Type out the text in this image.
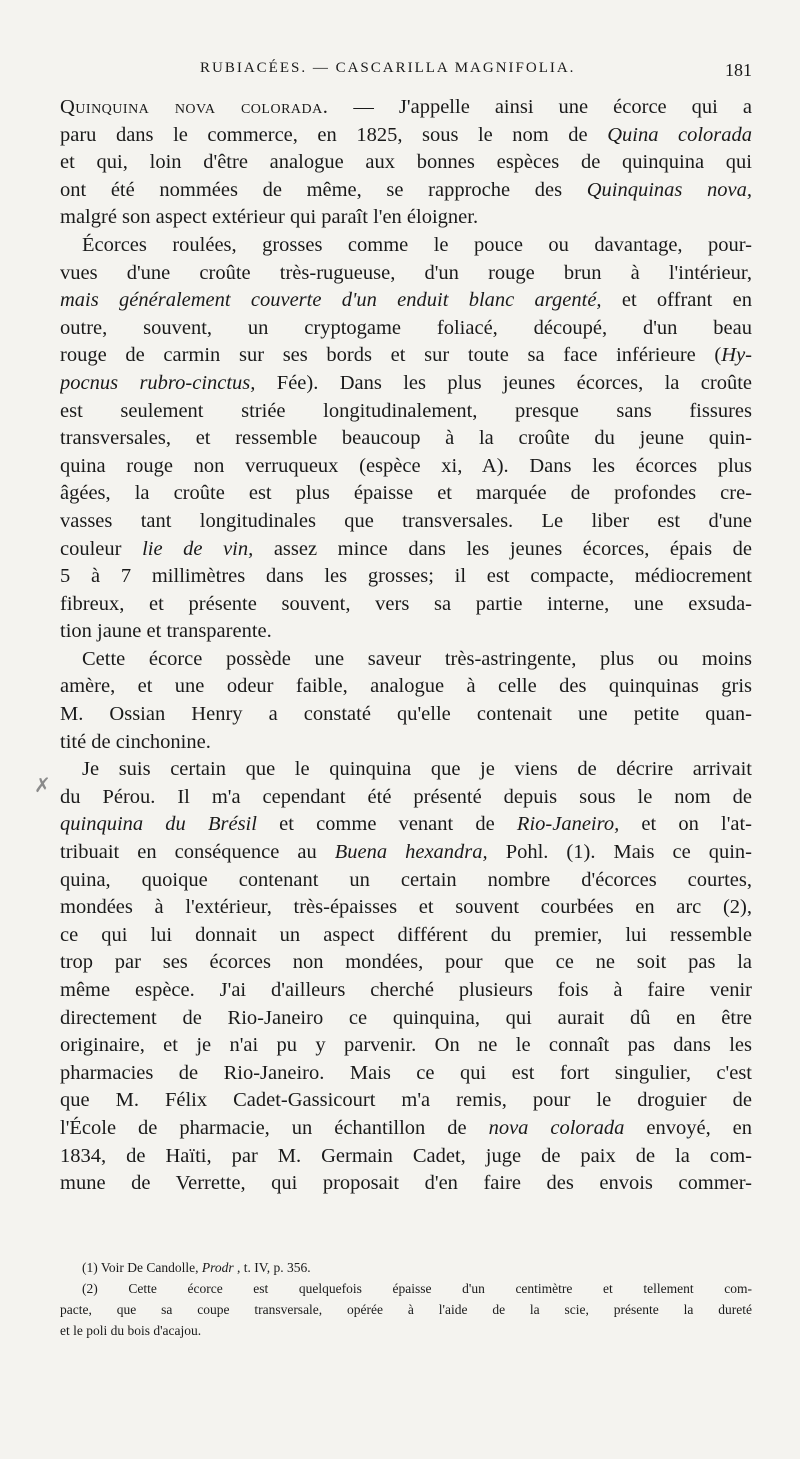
RUBIACÉES. — CASCARILLA MAGNIFOLIA.	181
✗
Quinquina nova colorada. — J'appelle ainsi une écorce qui a
paru dans le commerce, en 1825, sous le nom de Quina colorada
et qui, loin d'être analogue aux bonnes espèces de quinquina qui
ont été nommées de même, se rapproche des Quinquinas nova,
malgré son aspect extérieur qui paraît l'en éloigner.
Écorces roulées, grosses comme le pouce ou davantage, pour-
vues d'une croûte très-rugueuse, d'un rouge brun à l'intérieur,
mais généralement couverte d'un enduit blanc argenté, et offrant en
outre, souvent, un cryptogame foliacé, découpé, d'un beau
rouge de carmin sur ses bords et sur toute sa face inférieure (Hy-
pocnus rubro-cinctus, Fée). Dans les plus jeunes écorces, la croûte
est seulement striée longitudinalement, presque sans fissures
transversales, et ressemble beaucoup à la croûte du jeune quin-
quina rouge non verruqueux (espèce xi, A). Dans les écorces plus
âgées, la croûte est plus épaisse et marquée de profondes cre-
vasses tant longitudinales que transversales. Le liber est d'une
couleur lie de vin, assez mince dans les jeunes écorces, épais de
5 à 7 millimètres dans les grosses; il est compacte, médiocrement
fibreux, et présente souvent, vers sa partie interne, une exsuda-
tion jaune et transparente.
Cette écorce possède une saveur très-astringente, plus ou moins
amère, et une odeur faible, analogue à celle des quinquinas gris
M. Ossian Henry a constaté qu'elle contenait une petite quan-
tité de cinchonine.
Je suis certain que le quinquina que je viens de décrire arrivait
du Pérou. Il m'a cependant été présenté depuis sous le nom de
quinquina du Brésil et comme venant de Rio-Janeiro, et on l'at-
tribuait en conséquence au Buena hexandra, Pohl. (1). Mais ce quin-
quina, quoique contenant un certain nombre d'écorces courtes,
mondées à l'extérieur, très-épaisses et souvent courbées en arc (2),
ce qui lui donnait un aspect différent du premier, lui ressemble
trop par ses écorces non mondées, pour que ce ne soit pas la
même espèce. J'ai d'ailleurs cherché plusieurs fois à faire venir
directement de Rio-Janeiro ce quinquina, qui aurait dû en être
originaire, et je n'ai pu y parvenir. On ne le connaît pas dans les
pharmacies de Rio-Janeiro. Mais ce qui est fort singulier, c'est
que M. Félix Cadet-Gassicourt m'a remis, pour le droguier de
l'École de pharmacie, un échantillon de nova colorada envoyé, en
1834, de Haïti, par M. Germain Cadet, juge de paix de la com-
mune de Verrette, qui proposait d'en faire des envois commer-
(1) Voir De Candolle, Prodr , t. IV, p. 356.
(2) Cette écorce est quelquefois épaisse d'un centimètre et tellement com-
pacte, que sa coupe transversale, opérée à l'aide de la scie, présente la dureté
et le poli du bois d'acajou.
